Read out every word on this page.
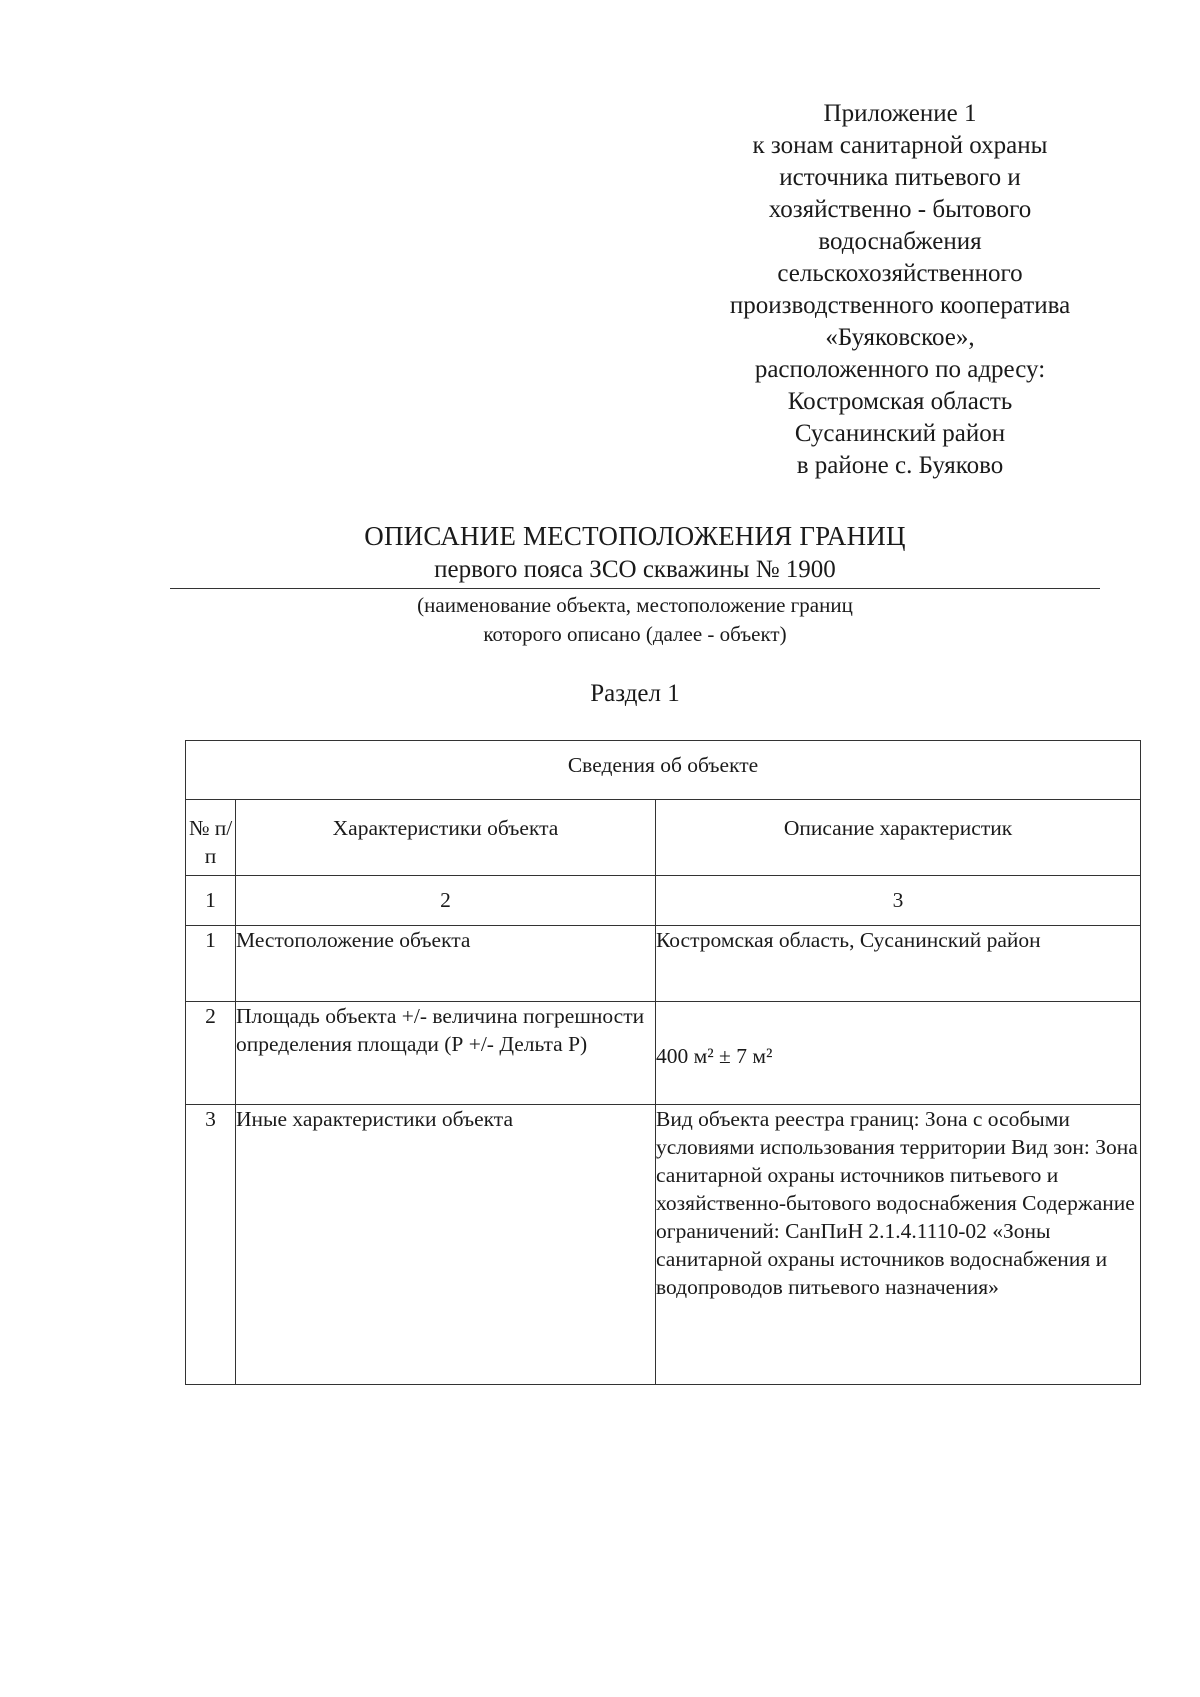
Приложение 1
к зонам санитарной охраны
источника питьевого и
хозяйственно - бытового
водоснабжения
сельскохозяйственного
производственного кооператива
«Буяковское»,
расположенного по адресу:
Костромская область
Сусанинский район
в районе с. Буяково
ОПИСАНИЕ МЕСТОПОЛОЖЕНИЯ ГРАНИЦ
первого пояса ЗСО скважины № 1900
(наименование объекта, местоположение границ
которого описано (далее - объект)
Раздел 1
Сведения об объекте		

№ п/п	Характеристики объекта	Описание характеристик

1	2	3

1	Местоположение объекта	Костромская область, Сусанинский район
2	Площадь объекта +/- величина погрешности определения площади (Р +/- Дельта Р)	400 м² ± 7 м²
3	Иные характеристики объекта	Вид объекта реестра границ: Зона с особыми условиями использования территории Вид зон: Зона санитарной охраны источников питьевого и хозяйственно-бытового водоснабжения Содержание ограничений: СанПиН 2.1.4.1110-02 «Зоны санитарной охраны источников водоснабжения и водопроводов питьевого назначения»
